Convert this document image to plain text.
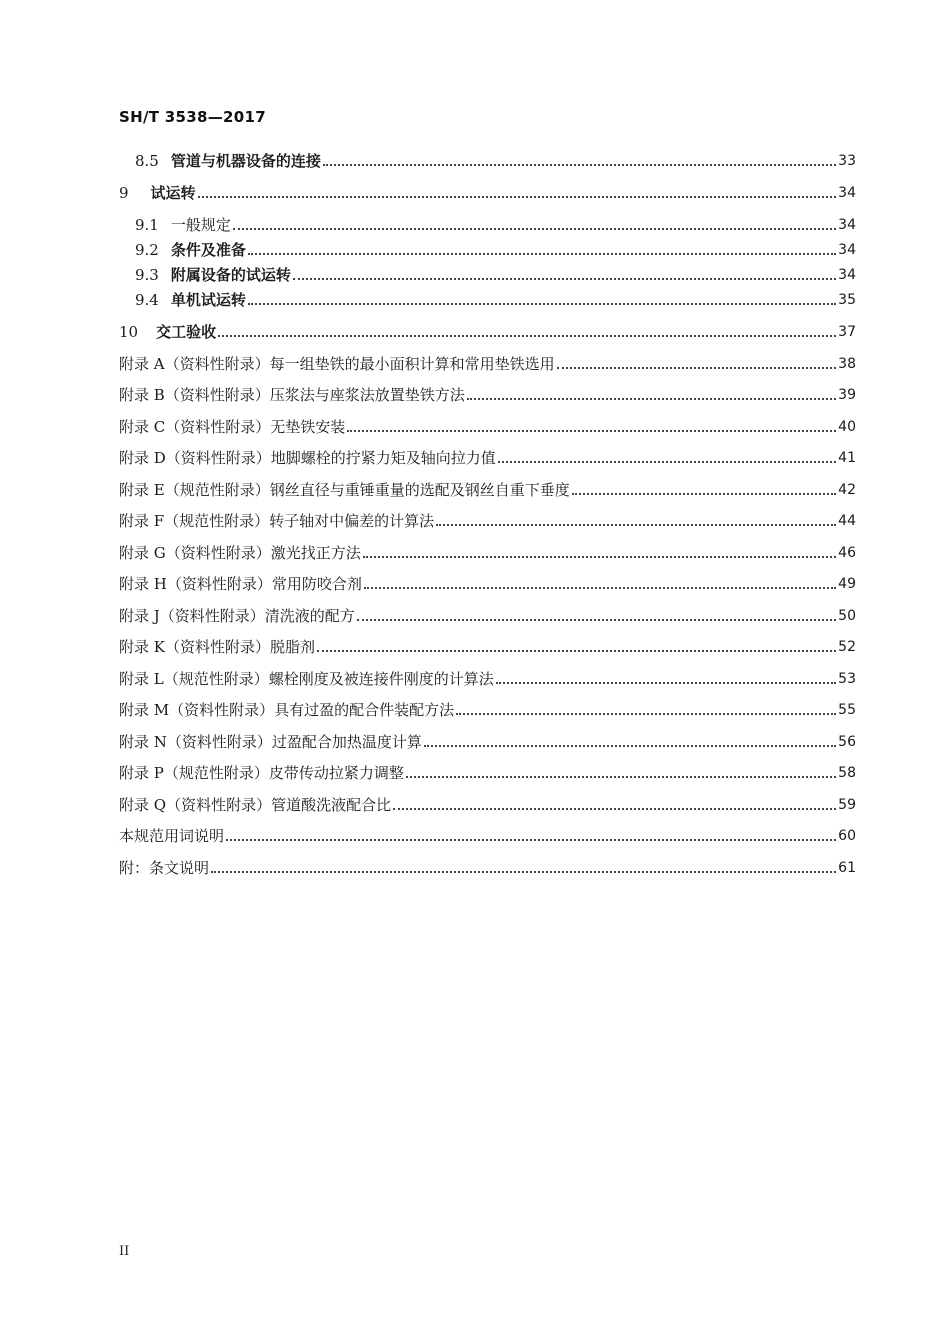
SH/T 3538—2017
8.5 管道与机器设备的连接	33
9 试运转	34
9.1 一般规定	34
9.2 条件及准备	34
9.3 附属设备的试运转	34
9.4 单机试运转	35
10 交工验收	37
附录 A（资料性附录）每一组垫铁的最小面积计算和常用垫铁选用	38
附录 B（资料性附录）压浆法与座浆法放置垫铁方法	39
附录 C（资料性附录）无垫铁安装	40
附录 D（资料性附录）地脚螺栓的拧紧力矩及轴向拉力值	41
附录 E（规范性附录）钢丝直径与重锤重量的选配及钢丝自重下垂度	42
附录 F（规范性附录）转子轴对中偏差的计算法	44
附录 G（资料性附录）激光找正方法	46
附录 H（资料性附录）常用防咬合剂	49
附录 J（资料性附录）清洗液的配方	50
附录 K（资料性附录）脱脂剂	52
附录 L（规范性附录）螺栓刚度及被连接件刚度的计算法	53
附录 M（资料性附录）具有过盈的配合件装配方法	55
附录 N（资料性附录）过盈配合加热温度计算	56
附录 P（规范性附录）皮带传动拉紧力调整	58
附录 Q（资料性附录）管道酸洗液配合比	59
本规范用词说明	60
附：条文说明	61
II
